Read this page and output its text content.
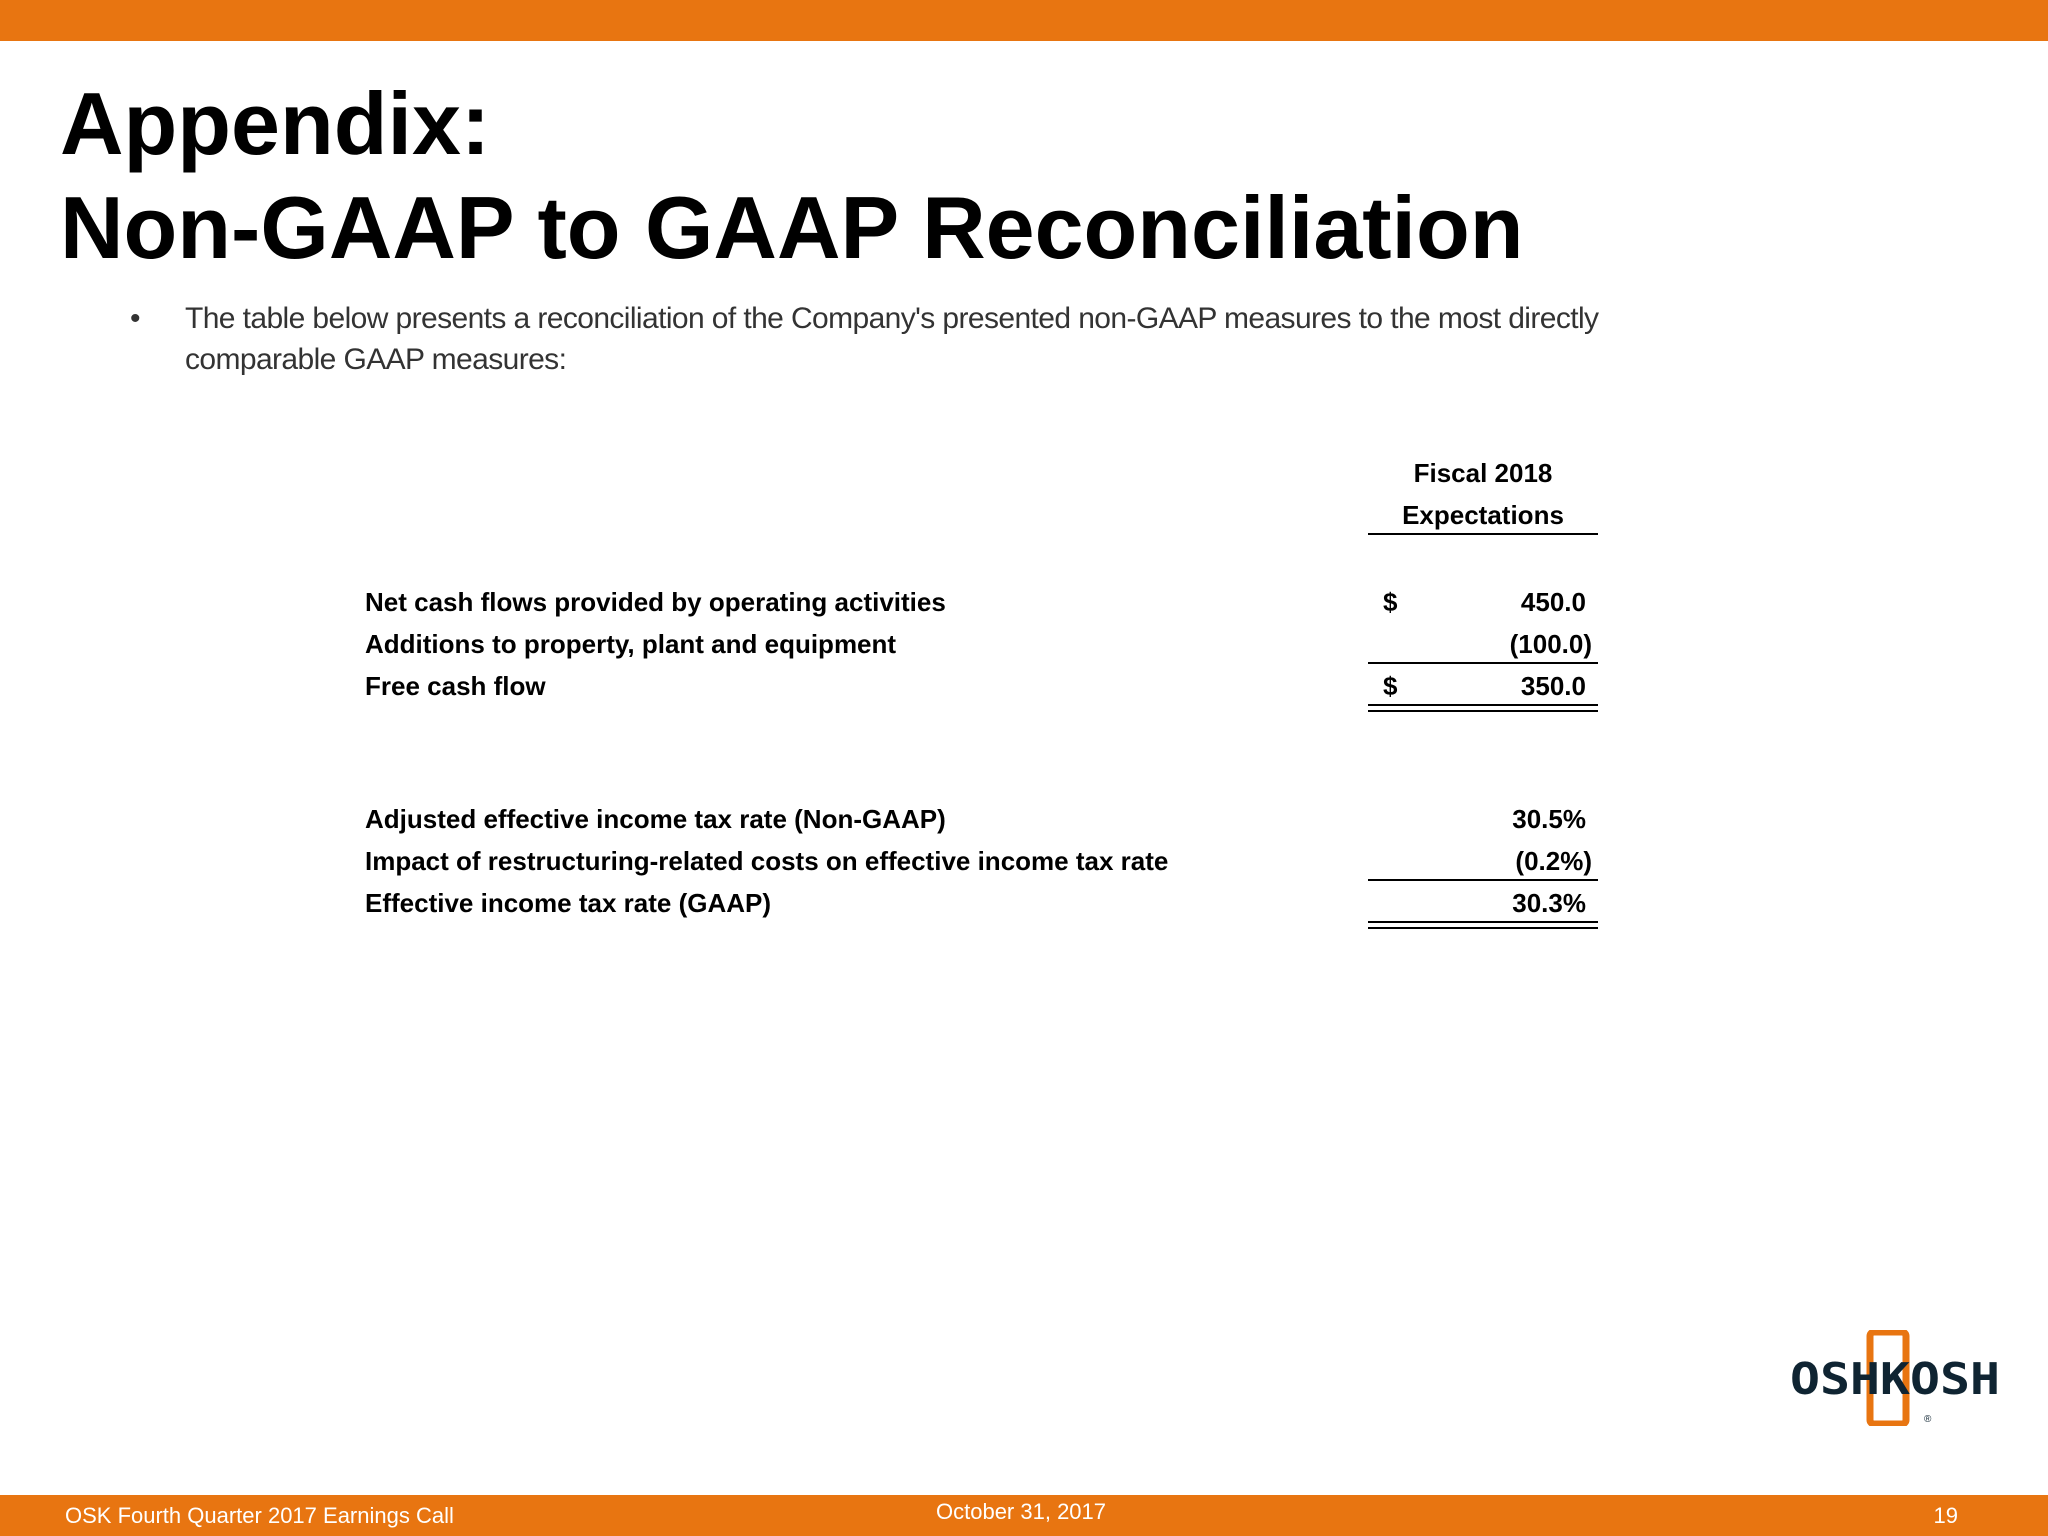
Appendix:
Non-GAAP to GAAP Reconciliation
• The table below presents a reconciliation of the Company's presented non-GAAP measures to the most directly comparable GAAP measures:
Fiscal 2018
Expectations
Net cash flows provided by operating activities	$	450.0
Additions to property, plant and equipment	(100.0)
Free cash flow	$	350.0
Adjusted effective income tax rate (Non-GAAP)	30.5%
Impact of restructuring-related costs on effective income tax rate	(0.2%)
Effective income tax rate (GAAP)	30.3%
OSHKOSH
®
OSK Fourth Quarter 2017 Earnings Call	October 31, 2017	19
